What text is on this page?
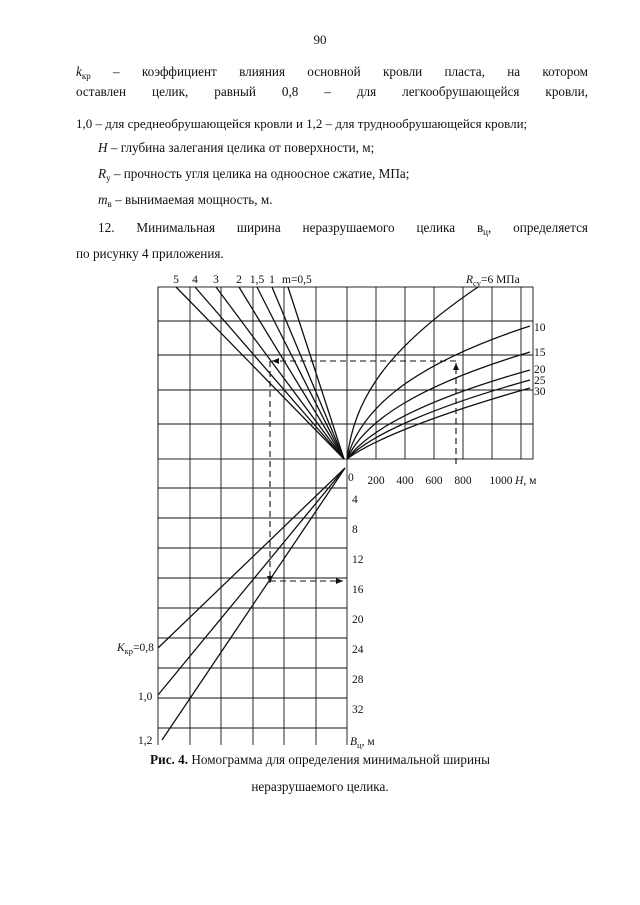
90
$k_{кр}$ – коэффициент влияния основной кровли пласта, на котором
оставлен целик, равный 0,8 – для легкообрушающейся кровли,
1,0 – для среднеобрушающейся кровли и 1,2 – для труднообрушающейся кровли;
H – глубина залегания целика от поверхности, м;
$R_у$ – прочность угля целика на одноосное сжатие, МПа;
$m_в$ – вынимаемая мощность, м.
12. Минимальная ширина неразрушаемого целика $в_ц$, определяется
по рисунку 4 приложения.
5 4 3 2 1,5 1 m=0,5	$R_{су}=6$ МПа
10
15
20
25
30
0 200 400 600 800 1000 H, м
4
8
12
16
20
24
28
32
$В_ц$, м
$K_{кр}=0,8$
1,0
1,2
Рис. 4. Номограмма для определения минимальной ширины
неразрушаемого целика.
